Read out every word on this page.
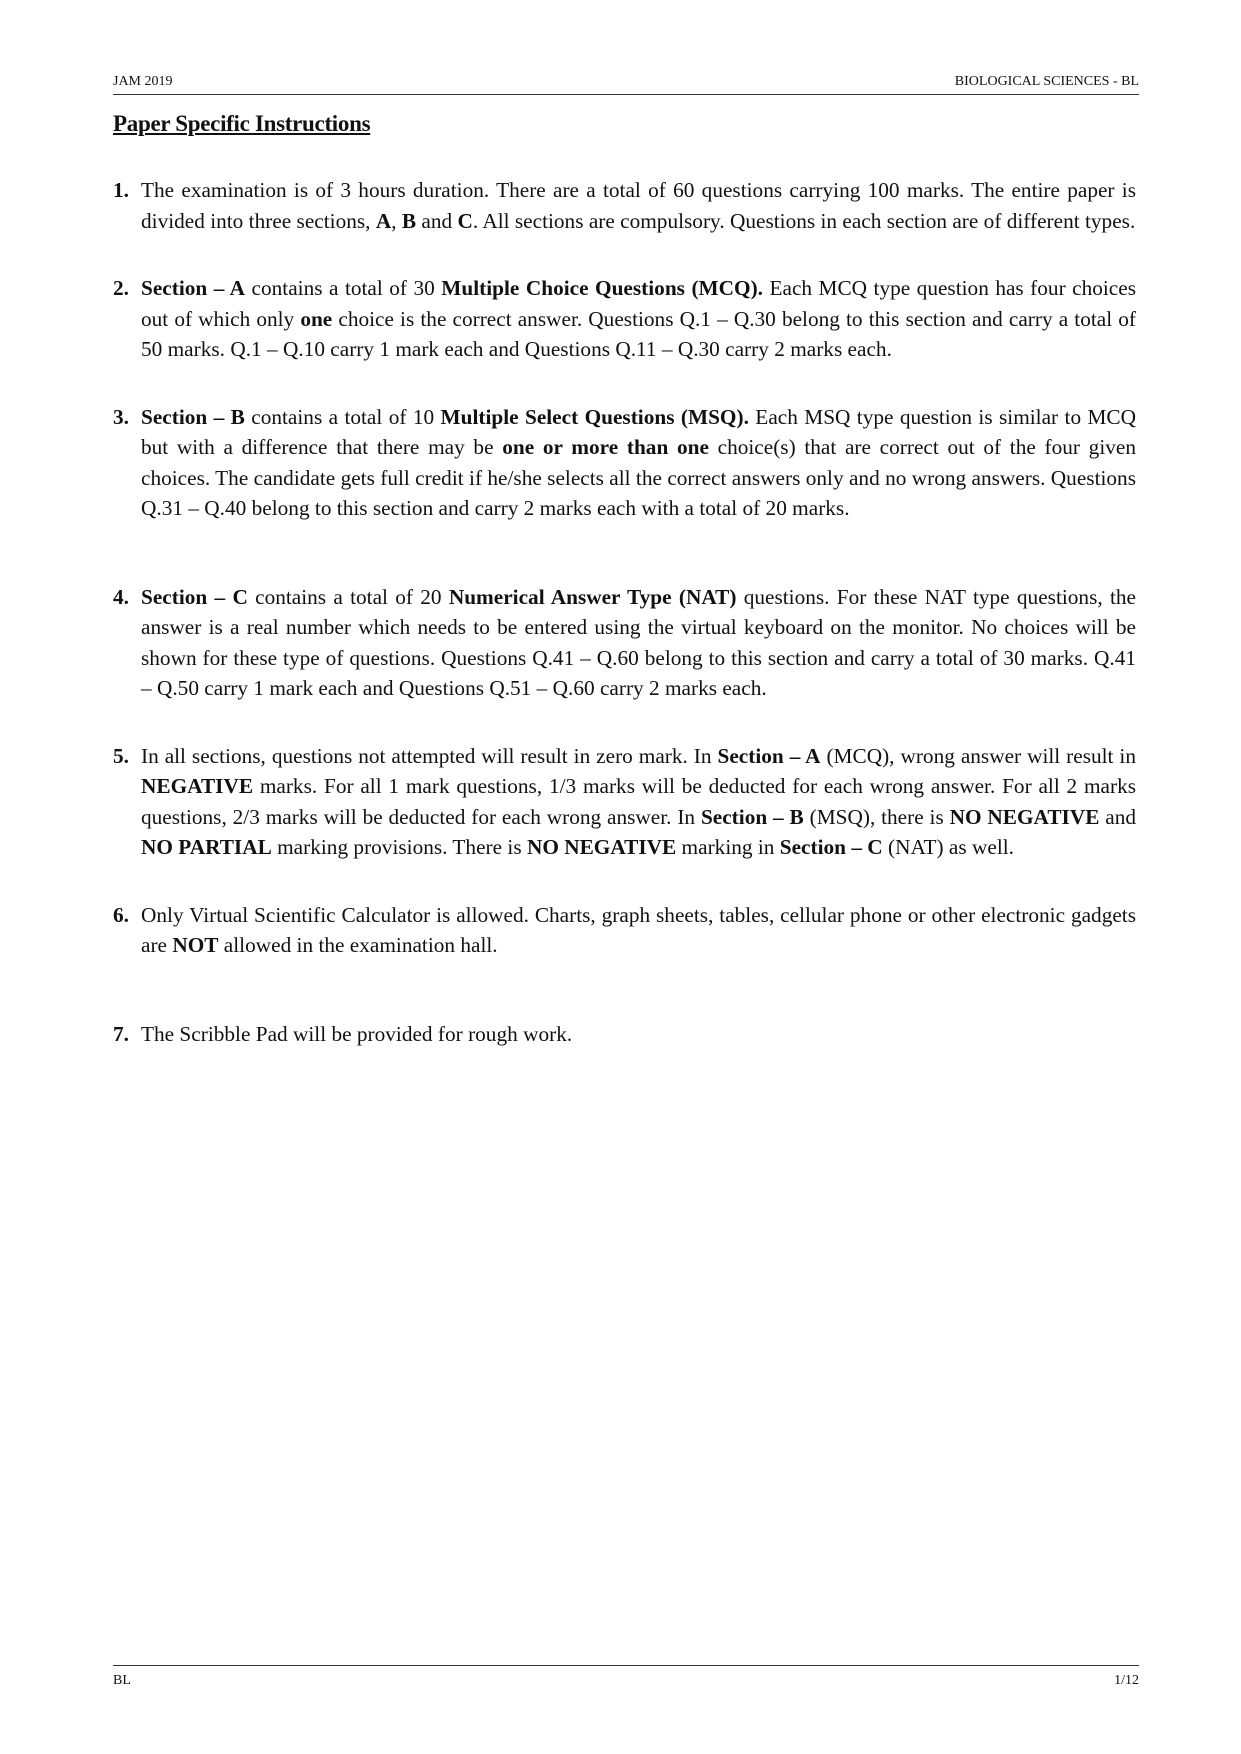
JAM 2019	BIOLOGICAL SCIENCES - BL
Paper Specific Instructions
1. The examination is of 3 hours duration. There are a total of 60 questions carrying 100 marks. The entire paper is divided into three sections, A, B and C. All sections are compulsory. Questions in each section are of different types.
2. Section – A contains a total of 30 Multiple Choice Questions (MCQ). Each MCQ type question has four choices out of which only one choice is the correct answer. Questions Q.1 – Q.30 belong to this section and carry a total of 50 marks. Q.1 – Q.10 carry 1 mark each and Questions Q.11 – Q.30 carry 2 marks each.
3. Section – B contains a total of 10 Multiple Select Questions (MSQ). Each MSQ type question is similar to MCQ but with a difference that there may be one or more than one choice(s) that are correct out of the four given choices. The candidate gets full credit if he/she selects all the correct answers only and no wrong answers. Questions Q.31 – Q.40 belong to this section and carry 2 marks each with a total of 20 marks.
4. Section – C contains a total of 20 Numerical Answer Type (NAT) questions. For these NAT type questions, the answer is a real number which needs to be entered using the virtual keyboard on the monitor. No choices will be shown for these type of questions. Questions Q.41 – Q.60 belong to this section and carry a total of 30 marks. Q.41 – Q.50 carry 1 mark each and Questions Q.51 – Q.60 carry 2 marks each.
5. In all sections, questions not attempted will result in zero mark. In Section – A (MCQ), wrong answer will result in NEGATIVE marks. For all 1 mark questions, 1/3 marks will be deducted for each wrong answer. For all 2 marks questions, 2/3 marks will be deducted for each wrong answer. In Section – B (MSQ), there is NO NEGATIVE and NO PARTIAL marking provisions. There is NO NEGATIVE marking in Section – C (NAT) as well.
6. Only Virtual Scientific Calculator is allowed. Charts, graph sheets, tables, cellular phone or other electronic gadgets are NOT allowed in the examination hall.
7. The Scribble Pad will be provided for rough work.
BL	1/12
